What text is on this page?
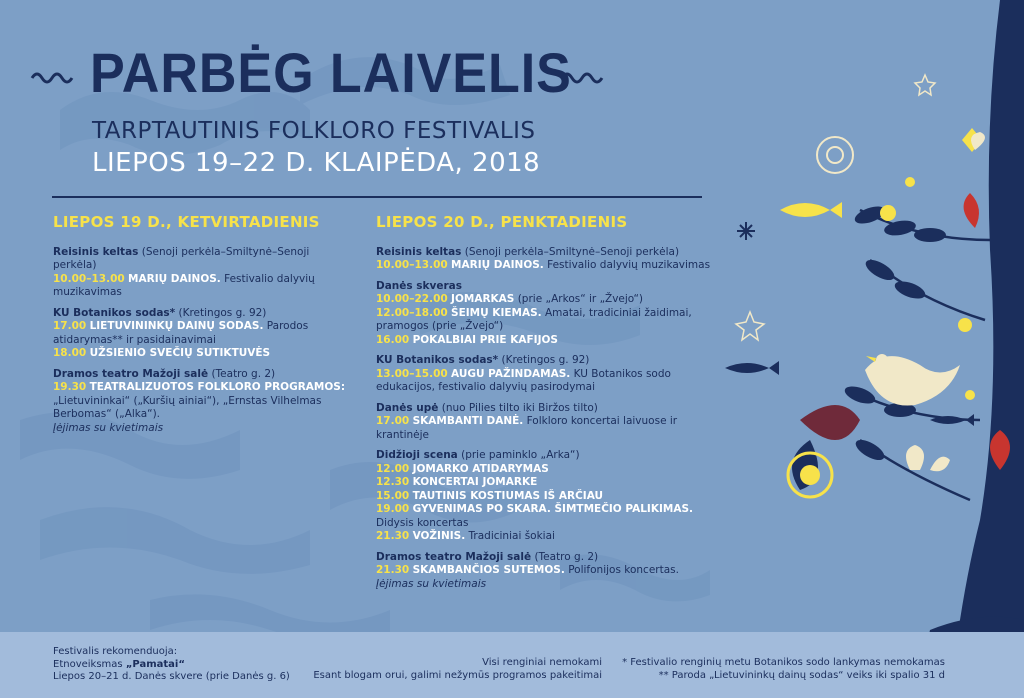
PARBĖG LAIVELIS
TARPTAUTINIS FOLKLORO FESTIVALIS
LIEPOS 19–22 D. KLAIPĖDA, 2018
LIEPOS 19 D., KETVIRTADIENIS
Reisinis keltas (Senoji perkėla–Smiltynė–Senoji perkėla)
10.00–13.00 MARIŲ DAINOS. Festivalio dalyvių muzikavimas
KU Botanikos sodas* (Kretingos g. 92)
17.00 LIETUVININKŲ DAINŲ SODAS. Parodos atidarymas** ir pasidainavimai
18.00 UŽSIENIO SVEČIŲ SUTIKTUVĖS
Dramos teatro Mažoji salė (Teatro g. 2)
19.30 TEATRALIZUOTOS FOLKLORO PROGRAMOS: „Lietuvininkai“ („Kuršių ainiai“), „Ernstas Vilhelmas Berbomas“ („Alka“).
Įėjimas su kvietimais
LIEPOS 20 D., PENKTADIENIS
Reisinis keltas (Senoji perkėla–Smiltynė–Senoji perkėla)
10.00–13.00 MARIŲ DAINOS. Festivalio dalyvių muzikavimas
Danės skveras
10.00–22.00 JOMARKAS (prie „Arkos“ ir „Žvejo“)
12.00–18.00 ŠEIMŲ KIEMAS. Amatai, tradiciniai žaidimai, pramogos (prie „Žvejo“)
16.00 POKALBIAI PRIE KAFIJOS
KU Botanikos sodas* (Kretingos g. 92)
13.00–15.00 AUGU PAŽINDAMAS. KU Botanikos sodo edukacijos, festivalio dalyvių pasirodymai
Danės upė (nuo Pilies tilto iki Biržos tilto)
17.00 SKAMBANTI DANĖ. Folkloro koncertai laivuose ir krantinėje
Didžioji scena (prie paminklo „Arka“)
12.00 JOMARKO ATIDARYMAS
12.30 KONCERTAI JOMARKE
15.00 TAUTINIS KOSTIUMAS IŠ ARČIAU
19.00 GYVENIMAS PO SKARA. ŠIMTMEČIO PALIKIMAS. Didysis koncertas
21.30 VOŽINIS. Tradiciniai šokiai
Dramos teatro Mažoji salė (Teatro g. 2)
21.30 SKAMBANČIOS SUTEMOS. Polifonijos koncertas.
Įėjimas su kvietimais
Festivalis rekomenduoja:
Etnoveiksmas „Pamatai“
Liepos 20–21 d. Danės skvere (prie Danės g. 6)
Visi renginiai nemokami
Esant blogam orui, galimi nežymūs programos pakeitimai
* Festivalio renginių metu Botanikos sodo lankymas nemokamas
** Paroda „Lietuvininkų dainų sodas“ veiks iki spalio 31 d
